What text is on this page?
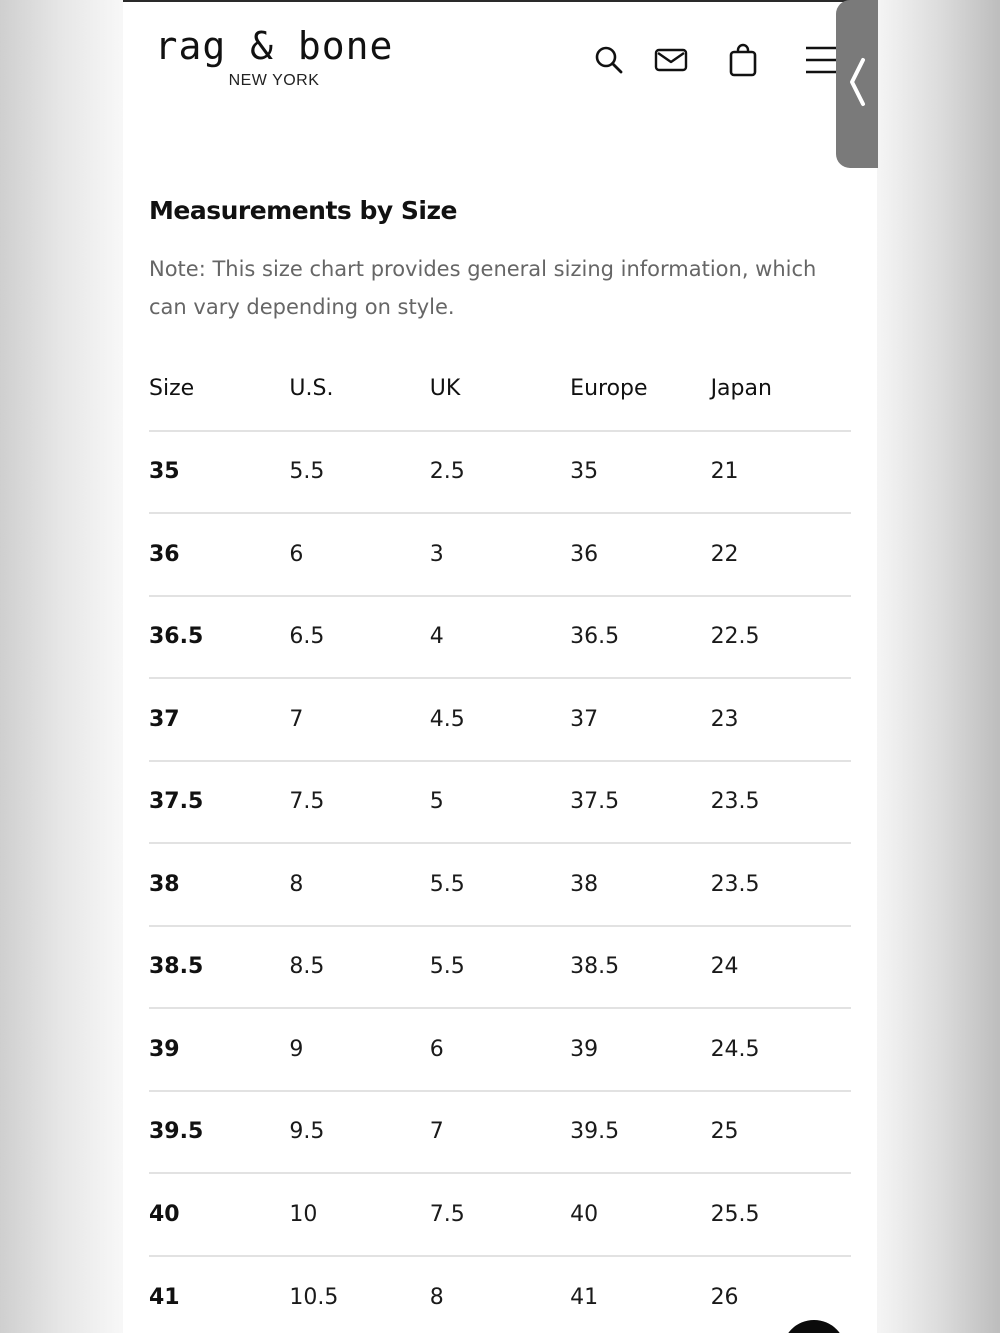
rag & bone
NEW YORK
Measurements by Size

Note: This size chart provides general sizing information, which can vary depending on style.

Size	U.S.	UK	Europe	Japan
35	5.5	2.5	35	21
36	6	3	36	22
36.5	6.5	4	36.5	22.5
37	7	4.5	37	23
37.5	7.5	5	37.5	23.5
38	8	5.5	38	23.5
38.5	8.5	5.5	38.5	24
39	9	6	39	24.5
39.5	9.5	7	39.5	25
40	10	7.5	40	25.5
41	10.5	8	41	26
